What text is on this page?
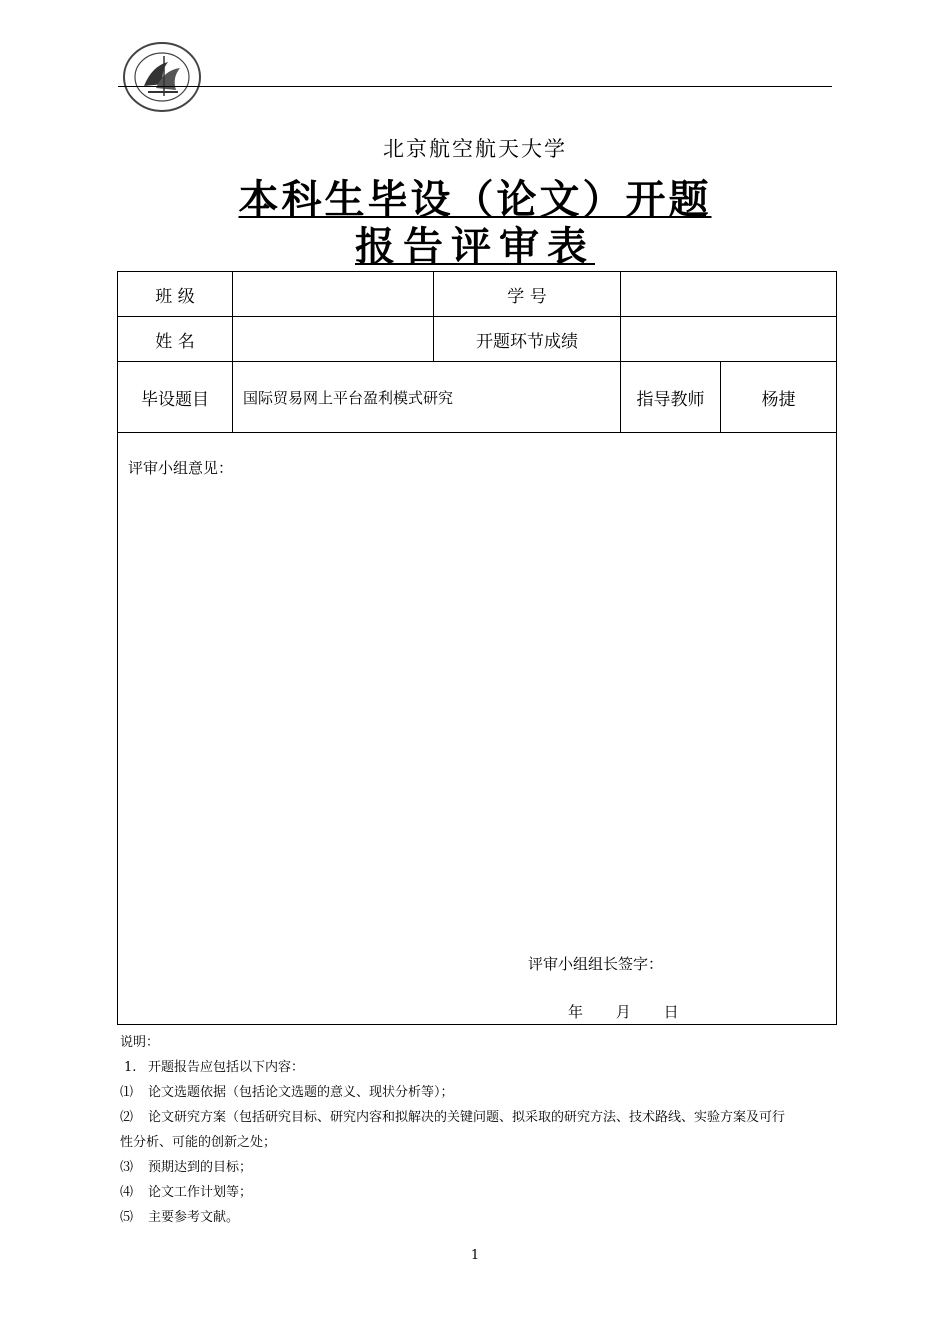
北京航空航天大学
本科生毕设（论文）开题
报告评审表
班 级		学 号		
姓 名		开题环节成绩		
毕设题目	国际贸易网上平台盈利模式研究		指导教师	杨捷

评审小组意见：
评审小组组长签字：
年 月 日				
说明：
1. 开题报告应包括以下内容：
⑴	论文选题依据（包括论文选题的意义、现状分析等）；
⑵	论文研究方案（包括研究目标、研究内容和拟解决的关键问题、拟采取的研究方法、技术路线、实验方案及可行
性分析、可能的创新之处；
⑶	预期达到的目标；
⑷	论文工作计划等；
⑸	主要参考文献。
1
